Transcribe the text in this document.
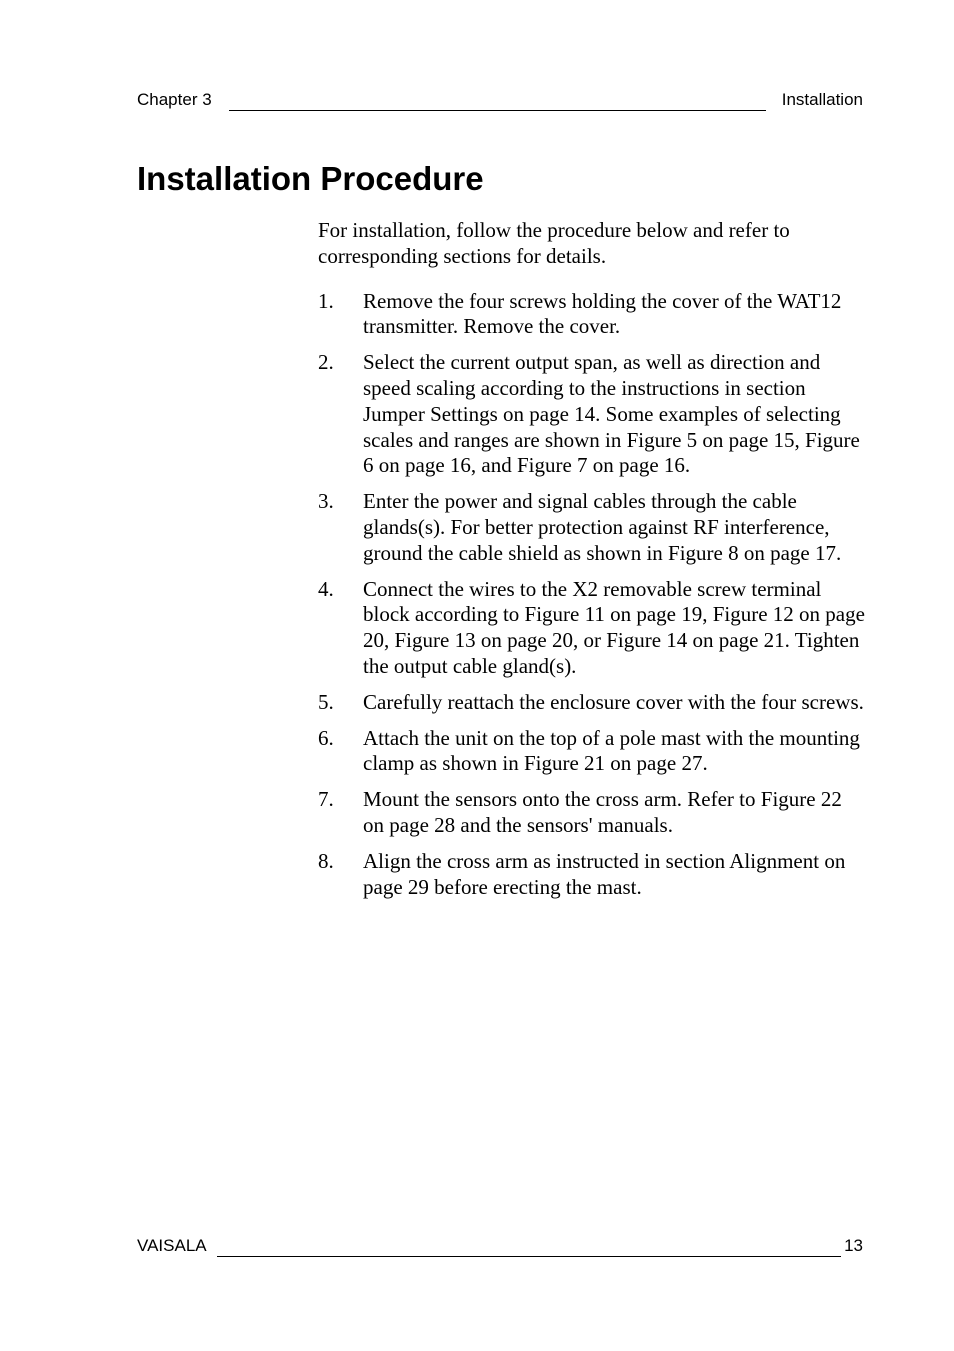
Chapter 3	Installation
Installation Procedure

For installation, follow the procedure below and refer to corresponding sections for details.

1.	Remove the four screws holding the cover of the WAT12 transmitter. Remove the cover.
2.	Select the current output span, as well as direction and speed scaling according to the instructions in section Jumper Settings on page 14. Some examples of selecting scales and ranges are shown in Figure 5 on page 15, Figure 6 on page 16, and Figure 7 on page 16.
3.	Enter the power and signal cables through the cable glands(s). For better protection against RF interference, ground the cable shield as shown in Figure 8 on page 17.
4.	Connect the wires to the X2 removable screw terminal block according to Figure 11 on page 19, Figure 12 on page 20, Figure 13 on page 20, or Figure 14 on page 21. Tighten the output cable gland(s).
5.	Carefully reattach the enclosure cover with the four screws.
6.	Attach the unit on the top of a pole mast with the mounting clamp as shown in Figure 21 on page 27.
7.	Mount the sensors onto the cross arm. Refer to Figure 22 on page 28 and the sensors' manuals.
8.	Align the cross arm as instructed in section Alignment on page 29 before erecting the mast.
VAISALA	13
